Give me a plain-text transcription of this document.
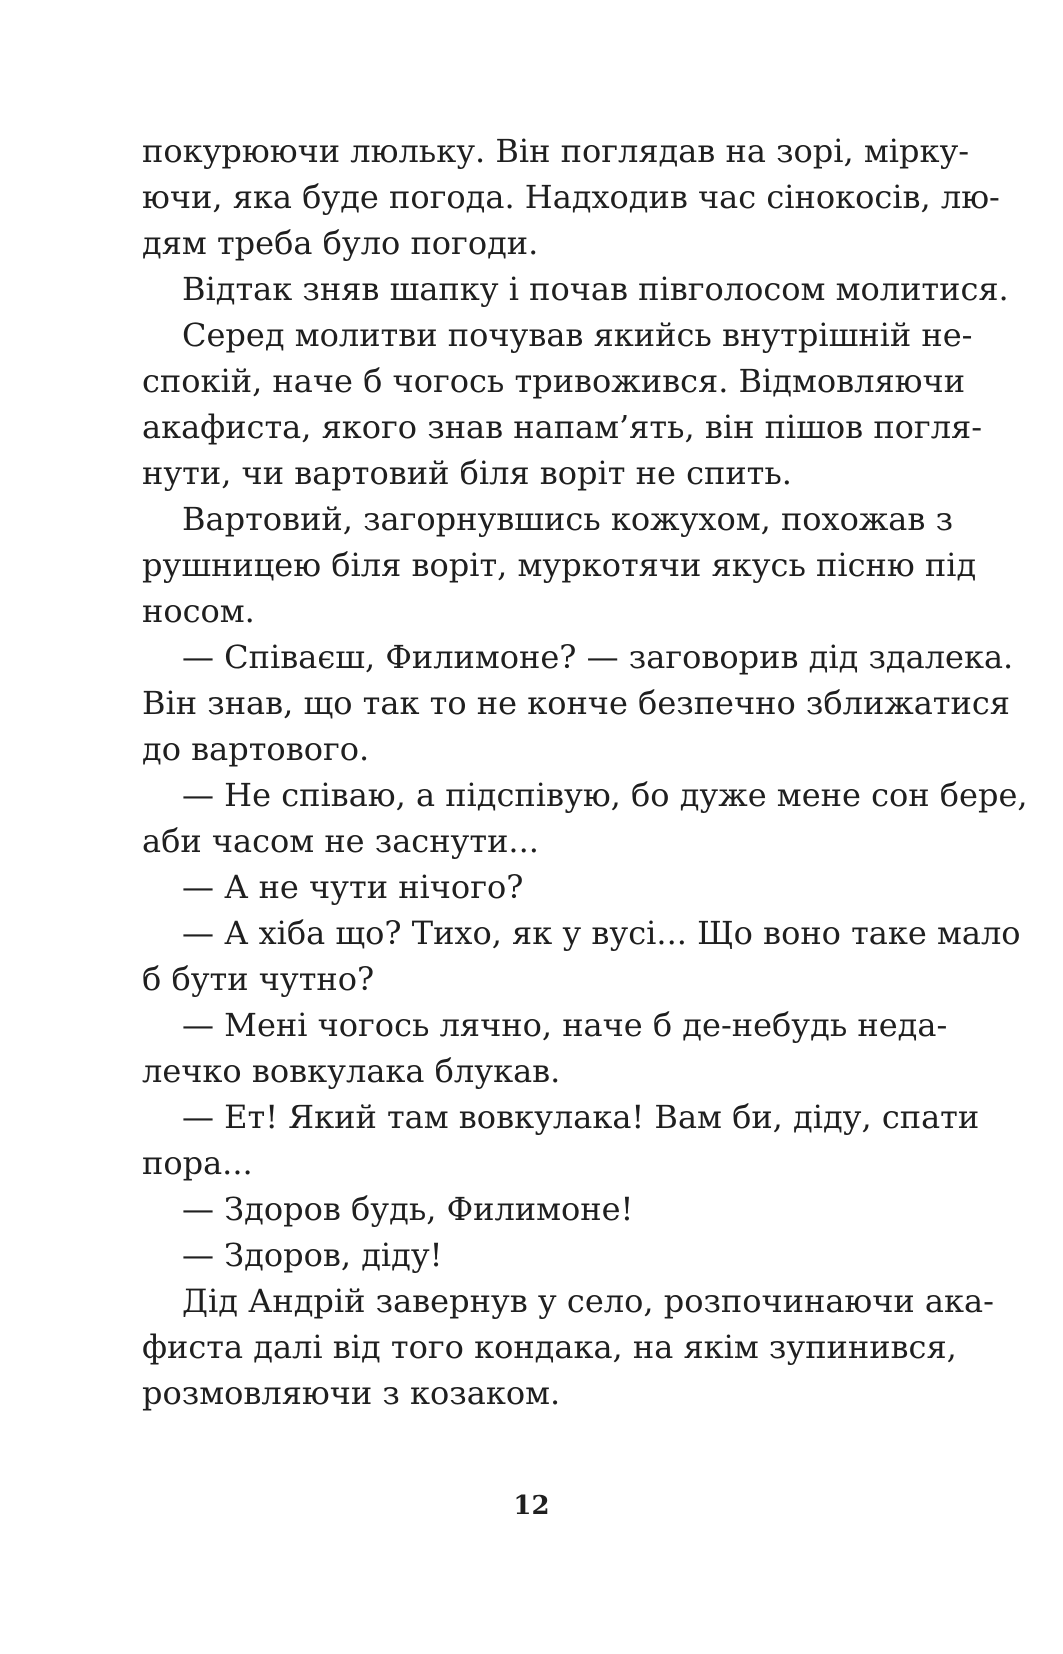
покурюючи люльку. Він поглядав на зорі, мірку-
ючи, яка буде погода. Надходив час сінокосів, лю-
дям треба було погоди.

Відтак зняв шапку і почав півголосом молитися.

Серед молитви почував якийсь внутрішній не-
спокій, наче б чогось тривожився. Відмовляючи
акафиста, якого знав напам’ять, він пішов погля-
нути, чи вартовий біля воріт не спить.

Вартовий, загорнувшись кожухом, похожав з
рушницею біля воріт, муркотячи якусь пісню під
носом.

— Співаєш, Филимоне? — заговорив дід здалека.
Він знав, що так то не конче безпечно зближатися
до вартового.

— Не співаю, а підспівую, бо дуже мене сон бере,
аби часом не заснути...

— А не чути нічого?

— А хіба що? Тихо, як у вусі... Що воно таке мало
б бути чутно?

— Мені чогось лячно, наче б де-небудь неда-
лечко вовкулака блукав.

— Ет! Який там вовкулака! Вам би, діду, спати
пора...

— Здоров будь, Филимоне!

— Здоров, діду!

Дід Андрій завернув у село, розпочинаючи ака-
фиста далі від того кондака, на якім зупинився,
розмовляючи з козаком.

12
